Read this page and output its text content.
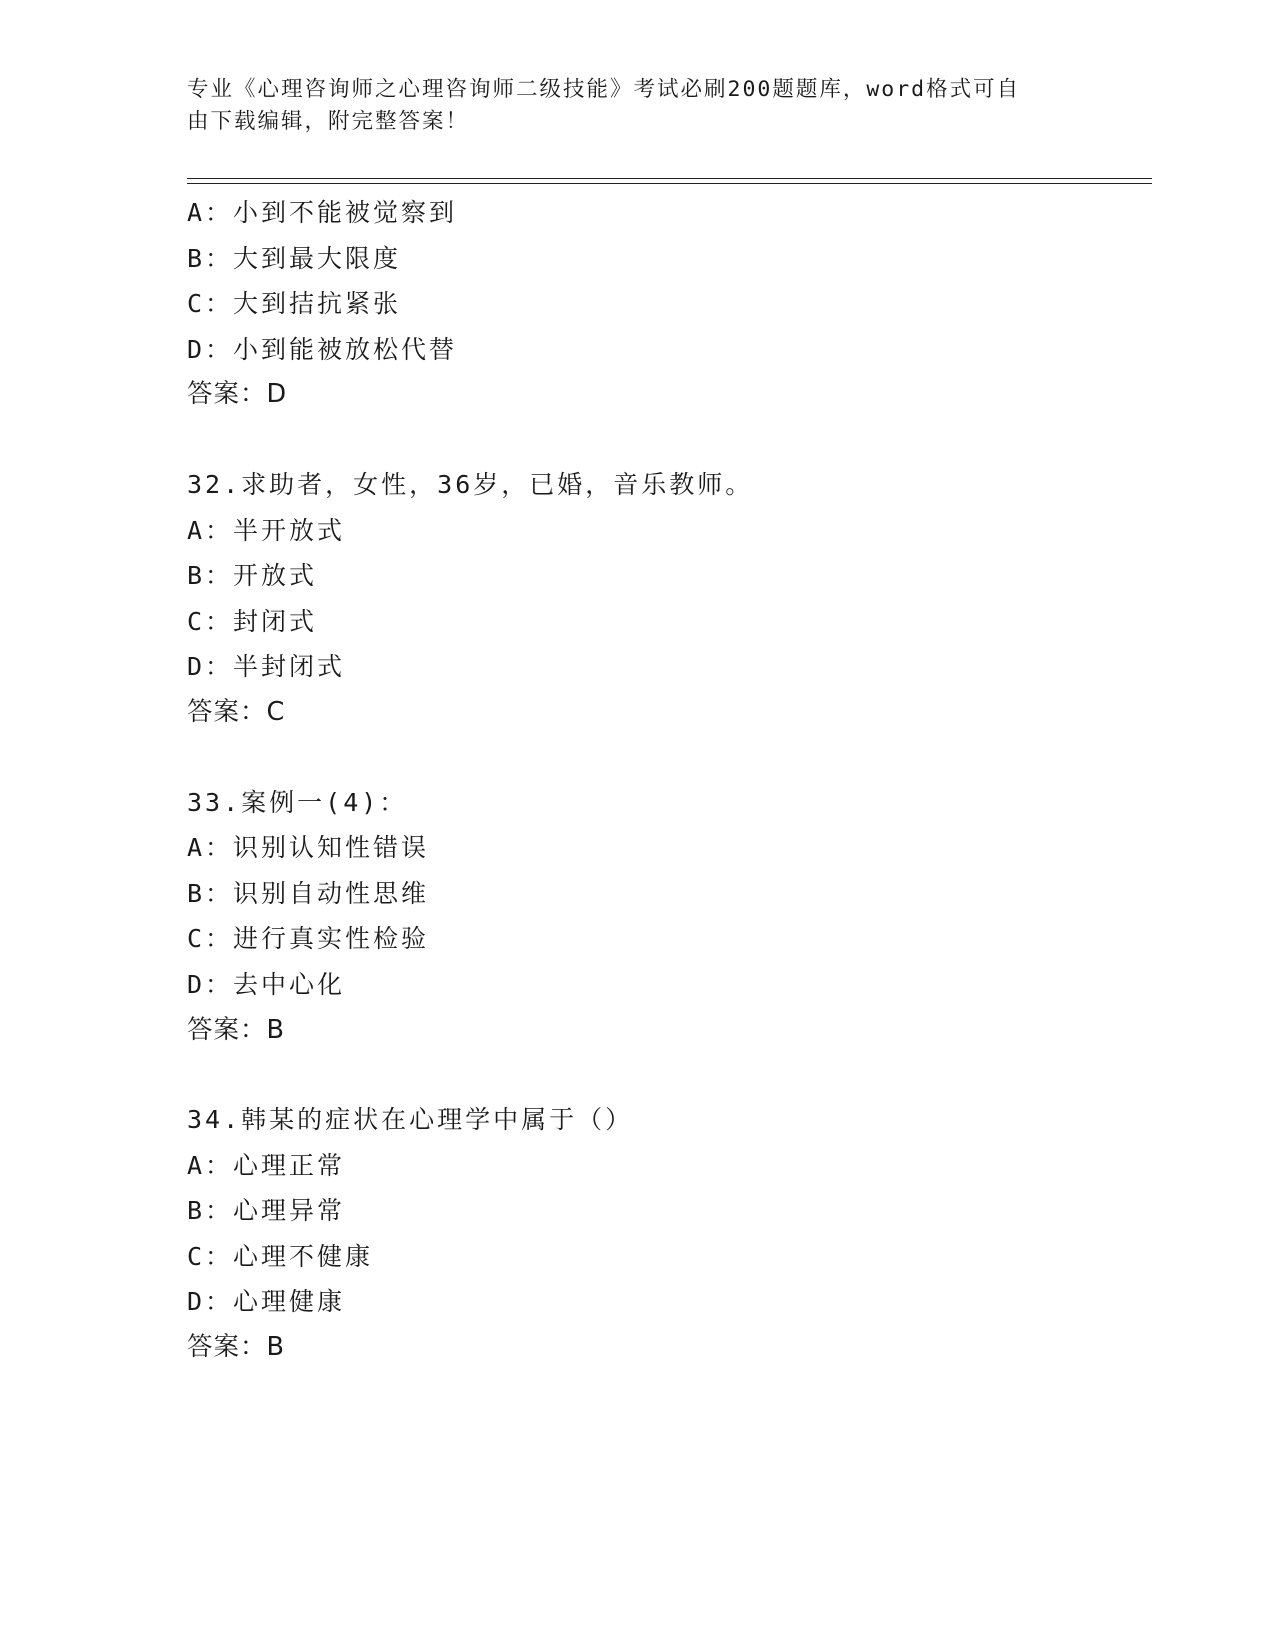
专业《心理咨询师之心理咨询师二级技能》考试必刷200题题库，word格式可自
由下载编辑，附完整答案！
A：小到不能被觉察到
B：大到最大限度
C：大到拮抗紧张
D：小到能被放松代替
答案：D
32.求助者，女性，36岁，已婚，音乐教师。
A：半开放式
B：开放式
C：封闭式
D：半封闭式
答案：C
33.案例一(4)：
A：识别认知性错误
B：识别自动性思维
C：进行真实性检验
D：去中心化
答案：B
34.韩某的症状在心理学中属于（）
A：心理正常
B：心理异常
C：心理不健康
D：心理健康
答案：B
